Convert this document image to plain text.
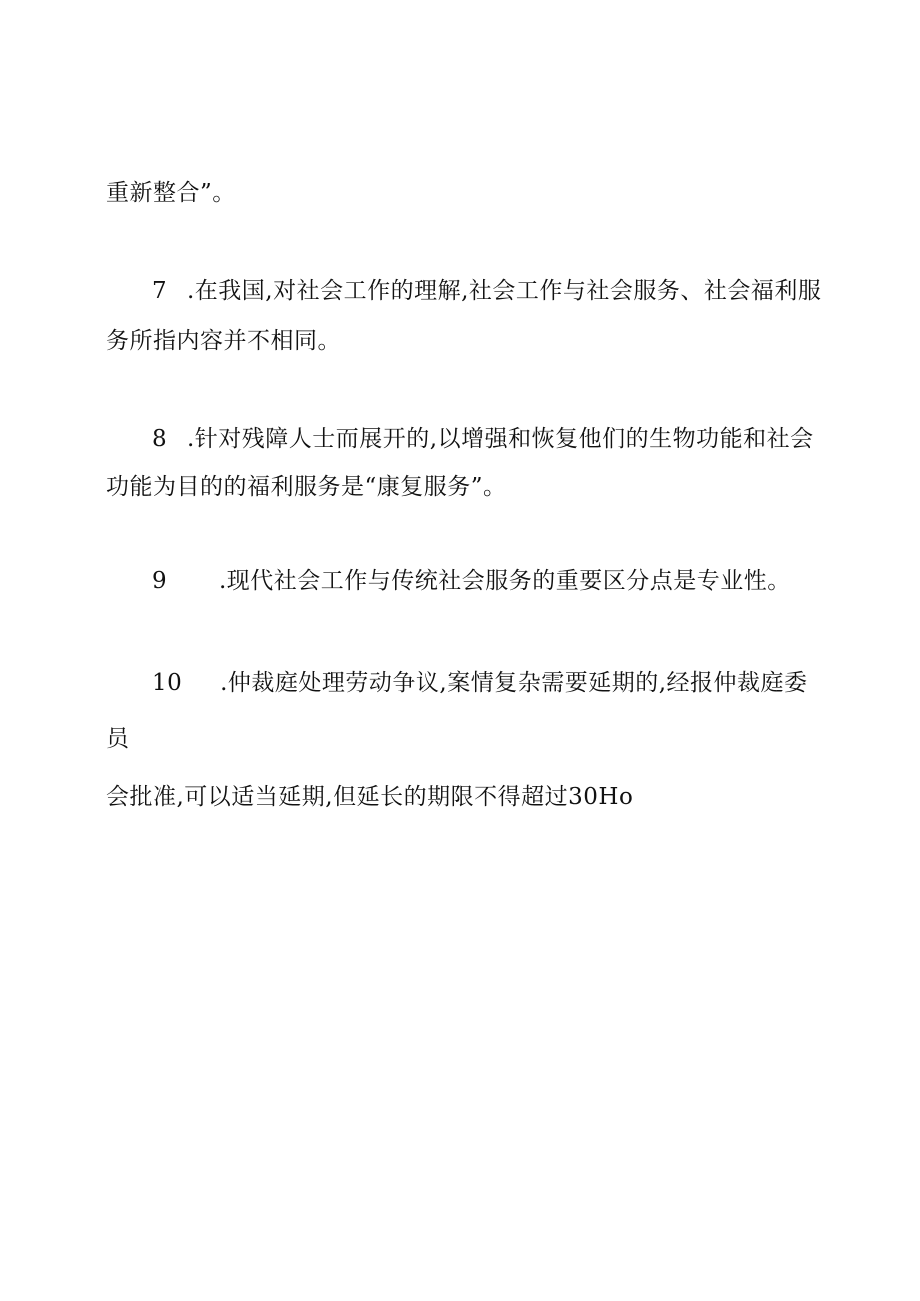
重新整合”。
7 .在我国,对社会工作的理解,社会工作与社会服务、社会福利服
务所指内容并不相同。
8 .针对残障人士而展开的,以增强和恢复他们的生物功能和社会
功能为目的的福利服务是“康复服务”。
9 .现代社会工作与传统社会服务的重要区分点是专业性。
10 .仲裁庭处理劳动争议,案情复杂需要延期的,经报仲裁庭委
员
会批准,可以适当延期,但延长的期限不得超过30Ho
